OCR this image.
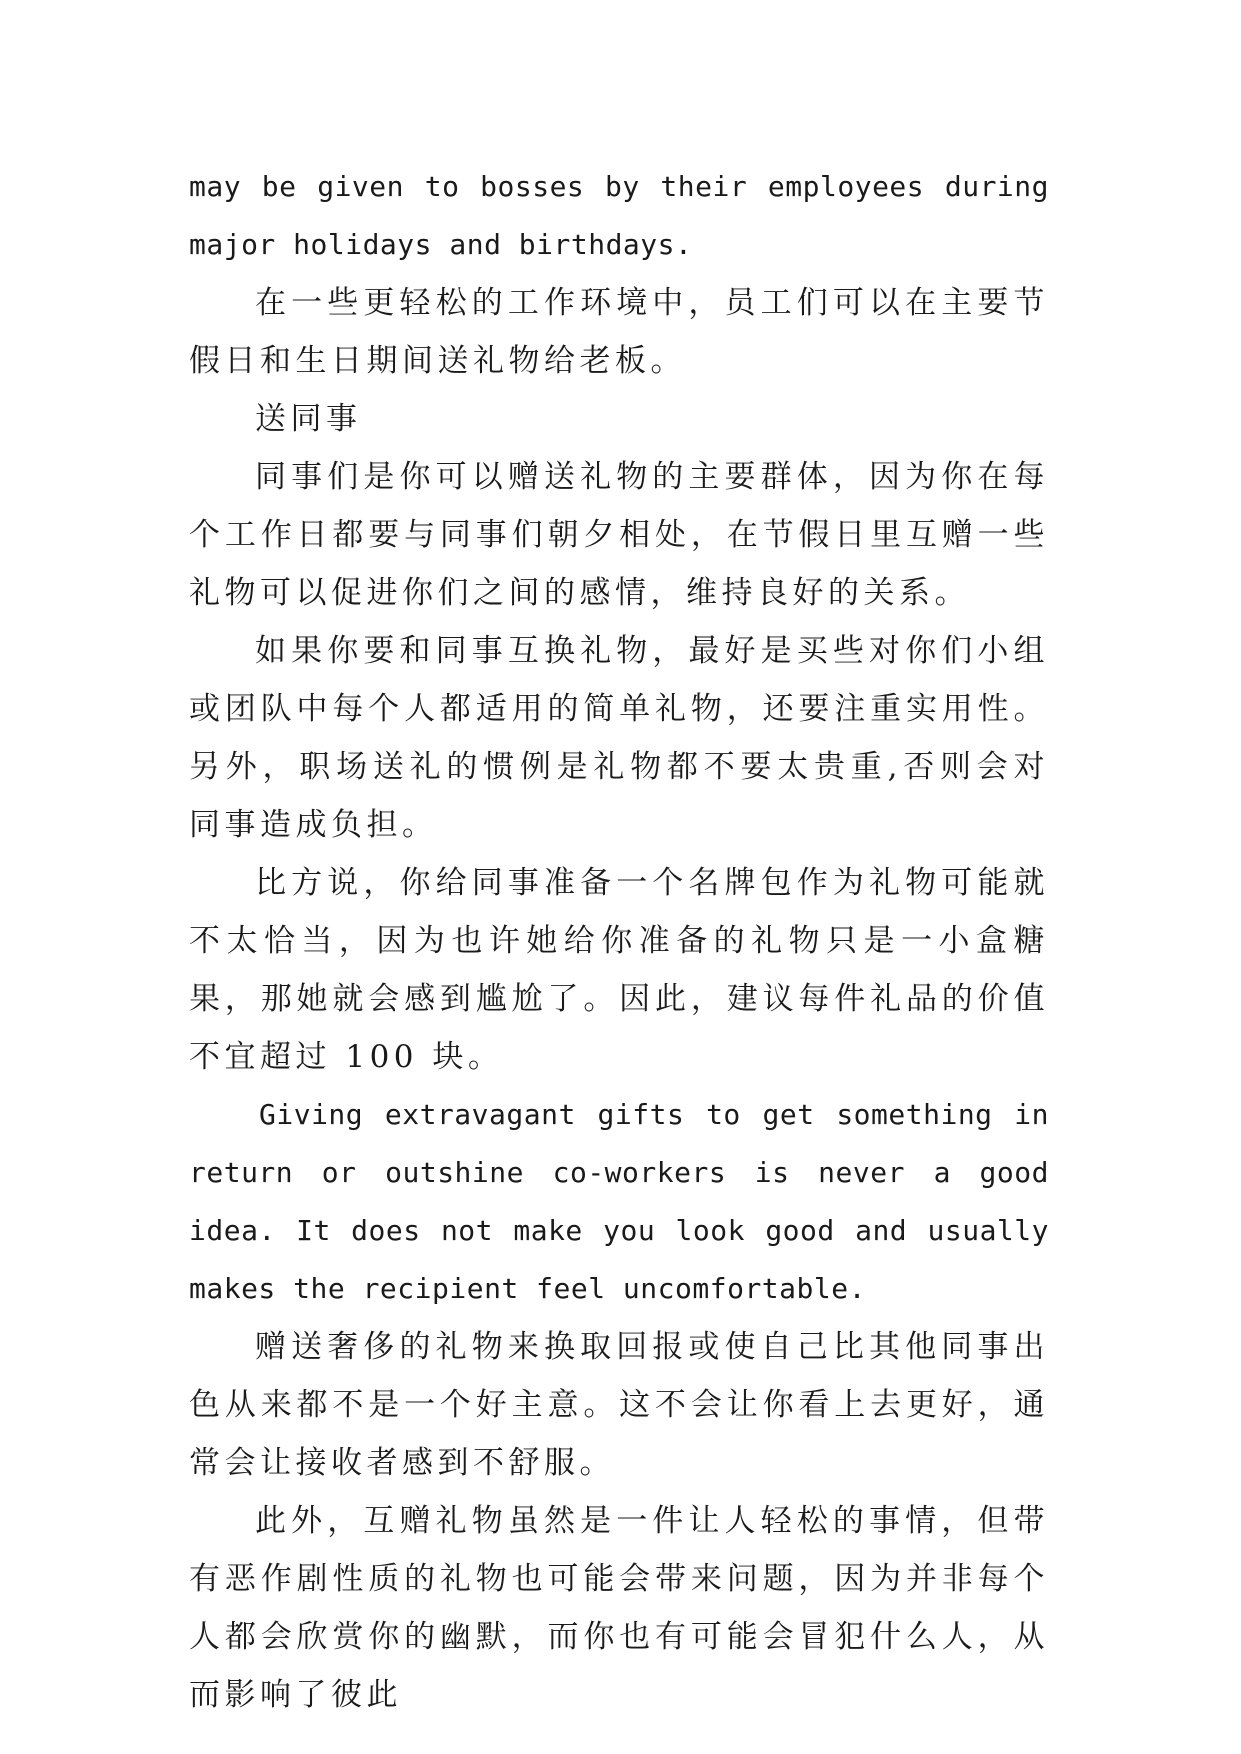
may be given to bosses by their employees during major holidays and birthdays.

在一些更轻松的工作环境中，员工们可以在主要节假日和生日期间送礼物给老板。

送同事

同事们是你可以赠送礼物的主要群体，因为你在每个工作日都要与同事们朝夕相处，在节假日里互赠一些礼物可以促进你们之间的感情，维持良好的关系。

如果你要和同事互换礼物，最好是买些对你们小组或团队中每个人都适用的简单礼物，还要注重实用性。另外，职场送礼的惯例是礼物都不要太贵重,否则会对同事造成负担。

比方说，你给同事准备一个名牌包作为礼物可能就不太恰当，因为也许她给你准备的礼物只是一小盒糖果，那她就会感到尴尬了。因此，建议每件礼品的价值不宜超过 100 块。

Giving extravagant gifts to get something in return or outshine co-workers is never a good idea. It does not make you look good and usually makes the recipient feel uncomfortable.

赠送奢侈的礼物来换取回报或使自己比其他同事出色从来都不是一个好主意。这不会让你看上去更好，通常会让接收者感到不舒服。

此外，互赠礼物虽然是一件让人轻松的事情，但带有恶作剧性质的礼物也可能会带来问题，因为并非每个人都会欣赏你的幽默，而你也有可能会冒犯什么人，从而影响了彼此
